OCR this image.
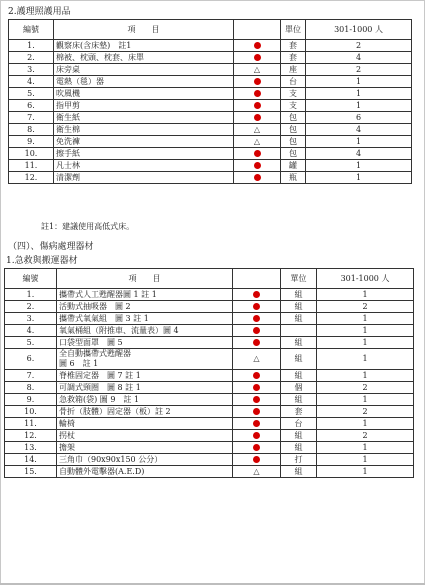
2.護理照護用品
編號	項　　目		單位	301-1000 人
1.	觀察床(含床墊)　註1		套	2
2.	棉被、枕頭、枕套、床單		套	4
3.	床旁桌	△	座	2
4.	電熱（毯）器		台	1
5.	吹風機		支	1
6.	指甲剪		支	1
7.	衛生紙		包	6
8.	衛生棉	△	包	4
9.	免洗褲	△	包	1
10.	擦手紙		包	4
11.	凡士林		罐	1
12.	清潔劑		瓶	1
註1：建議使用高低式床。
（四）、傷病處理器材
1.急救與搬運器材
編號	項　　目		單位	301-1000 人
1.	攜帶式人工甦醒器圖 1 註 1		組	1
2.	活動式抽吸器　圖 2		組	2
3.	攜帶式氧氣組　圖 3 註 1		組	1
4.	氧氣桶組（附推車、流量表）圖 4			1
5.	口袋型面罩　圖 5		組	1
6.	全自動攜帶式甦醒器
圖 6　註 1	△	組	1
7.	脊椎固定器　圖 7 註 1		組	1
8.	可調式頸圈　圖 8 註 1		個	2
9.	急救箱(袋) 圖 9　註 1		組	1
10.	骨折（肢體）固定器（板）註 2		套	2
11.	輪椅		台	1
12.	拐杖		組	2
13.	擔架		組	1
14.	三角巾（90x90x150 公分）		打	1
15.	自動體外電擊器(A.E.D)	△	組	1
